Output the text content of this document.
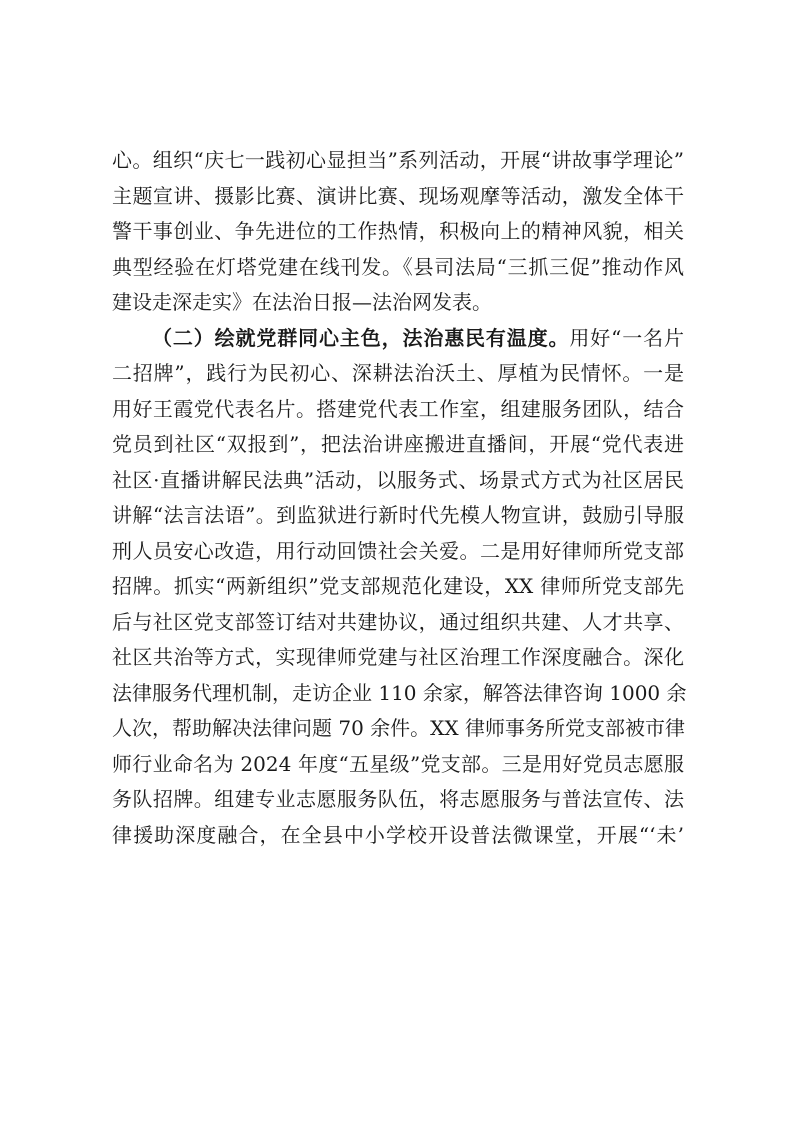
心。组织“庆七一践初心显担当”系列活动，开展“讲故事学理论”
主题宣讲、摄影比赛、演讲比赛、现场观摩等活动，激发全体干
警干事创业、争先进位的工作热情，积极向上的精神风貌，相关
典型经验在灯塔党建在线刊发。《县司法局“三抓三促”推动作风
建设走深走实》在法治日报—法治网发表。
（二）绘就党群同心主色，法治惠民有温度。用好“一名片
二招牌”，践行为民初心、深耕法治沃土、厚植为民情怀。一是
用好王霞党代表名片。搭建党代表工作室，组建服务团队，结合
党员到社区“双报到”，把法治讲座搬进直播间，开展“党代表进
社区·直播讲解民法典”活动，以服务式、场景式方式为社区居民
讲解“法言法语”。到监狱进行新时代先模人物宣讲，鼓励引导服
刑人员安心改造，用行动回馈社会关爱。二是用好律师所党支部
招牌。抓实“两新组织”党支部规范化建设，XX 律师所党支部先
后与社区党支部签订结对共建协议，通过组织共建、人才共享、
社区共治等方式，实现律师党建与社区治理工作深度融合。深化
法律服务代理机制，走访企业 110 余家，解答法律咨询 1000 余
人次，帮助解决法律问题 70 余件。XX 律师事务所党支部被市律
师行业命名为 2024 年度“五星级”党支部。三是用好党员志愿服
务队招牌。组建专业志愿服务队伍，将志愿服务与普法宣传、法
律援助深度融合，在全县中小学校开设普法微课堂，开展“‘未’
